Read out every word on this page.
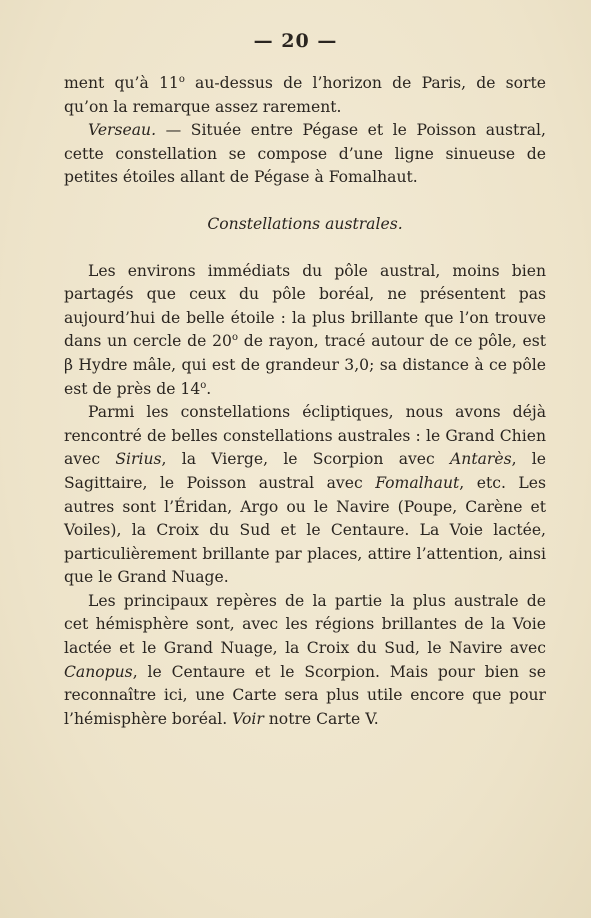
— 20 —

ment qu’à 11$^o$ au-dessus de l’horizon de Paris, de sorte qu’on la remarque assez rarement.

Verseau. — Située entre Pégase et le Poisson austral, cette constellation se compose d’une ligne sinueuse de petites étoiles allant de Pégase à Fomalhaut.

Constellations australes.

Les environs immédiats du pôle austral, moins bien partagés que ceux du pôle boréal, ne présentent pas aujourd’hui de belle étoile : la plus brillante que l’on trouve dans un cercle de 20$^o$ de rayon, tracé autour de ce pôle, est β Hydre mâle, qui est de grandeur 3,0; sa distance à ce pôle est de près de 14$^o$.

Parmi les constellations écliptiques, nous avons déjà rencontré de belles constellations australes : le Grand Chien avec Sirius, la Vierge, le Scorpion avec Antarès, le Sagittaire, le Poisson austral avec Fomalhaut, etc. Les autres sont l’Éridan, Argo ou le Navire (Poupe, Carène et Voiles), la Croix du Sud et le Centaure. La Voie lactée, particulièrement brillante par places, attire l’attention, ainsi que le Grand Nuage.

Les principaux repères de la partie la plus australe de cet hémisphère sont, avec les régions brillantes de la Voie lactée et le Grand Nuage, la Croix du Sud, le Navire avec Canopus, le Centaure et le Scorpion. Mais pour bien se reconnaître ici, une Carte sera plus utile encore que pour l’hémisphère boréal. Voir notre Carte V.
